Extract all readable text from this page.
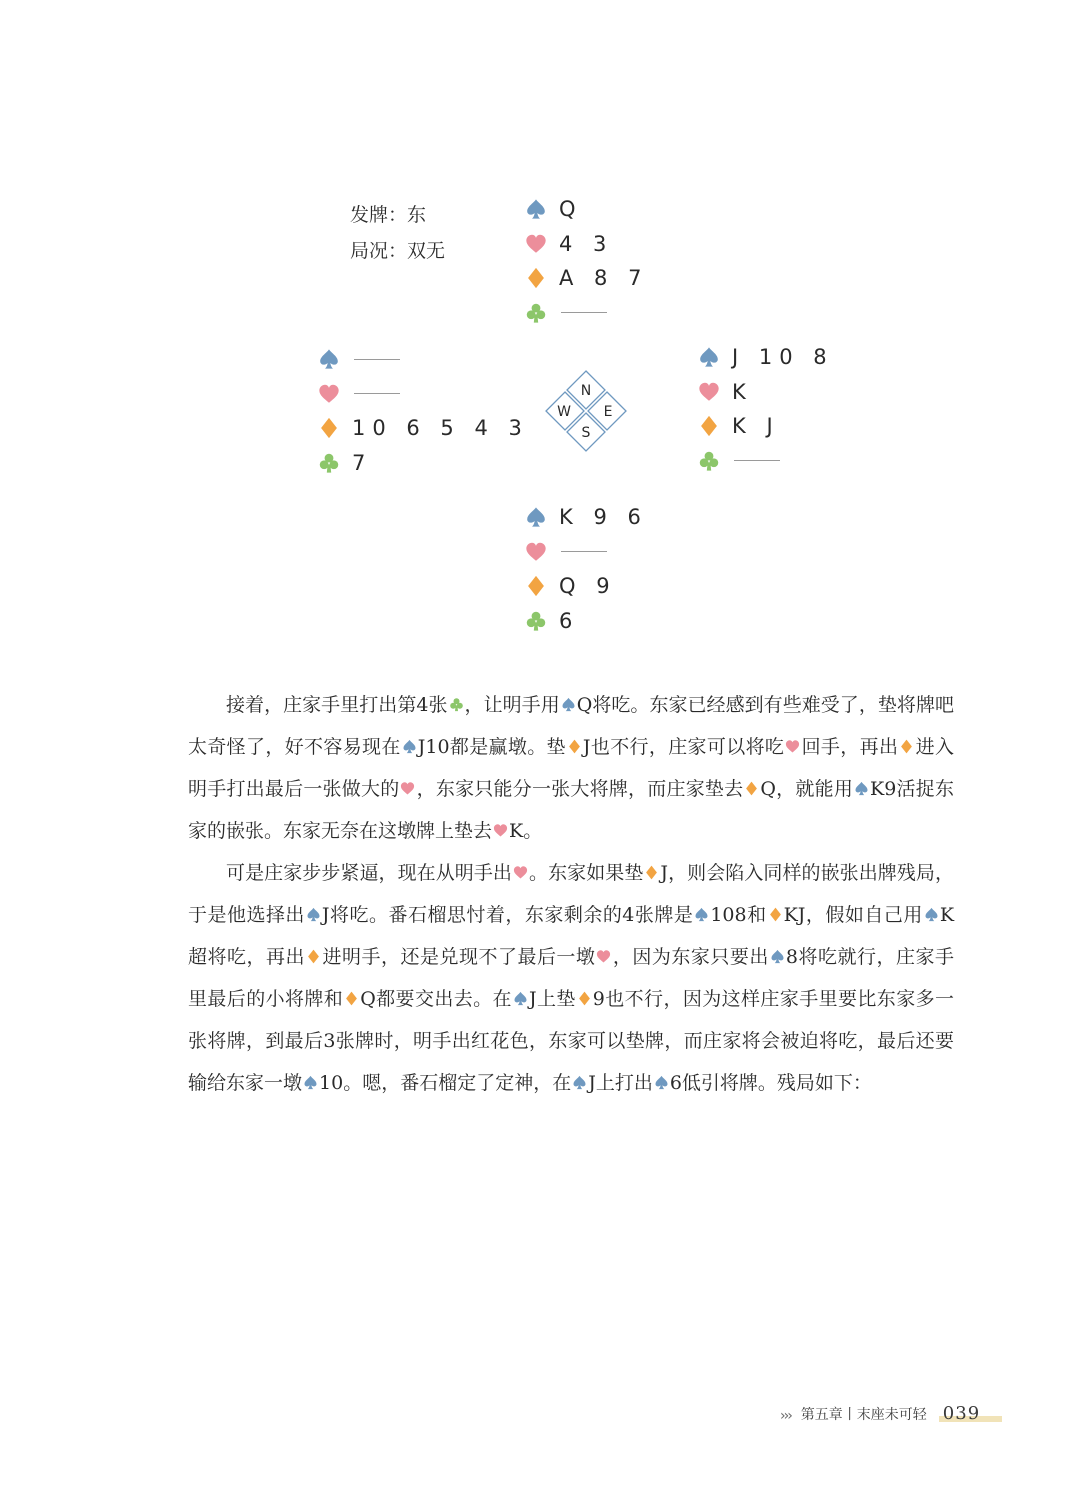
发牌：东
局况：双无
Q
4 3
A 8 7
10 6 5 4 3
7
J 10 8
K
K J
K 9 6
Q 9
6
N
E
S
W

接着，庄家手里打出第4张 ，让明手用 Q将吃。东家已经感到有些难受了，垫将牌吧太奇怪了，好不容易现在 J10都是赢墩。垫 J也不行，庄家可以将吃 回手，再出 进入明手打出最后一张做大的 ，东家只能分一张大将牌，而庄家垫去 Q，就能用 K9活捉东家的嵌张。东家无奈在这墩牌上垫去 K。

可是庄家步步紧逼，现在从明手出 。东家如果垫 J，则会陷入同样的嵌张出牌残局，于是他选择出 J将吃。番石榴思忖着，东家剩余的4张牌是 108和 KJ，假如自己用 K超将吃，再出 进明手，还是兑现不了最后一墩 ，因为东家只要出 8将吃就行，庄家手里最后的小将牌和 Q都要交出去。在 J上垫 9也不行，因为这样庄家手里要比东家多一张将牌，到最后3张牌时，明手出红花色，东家可以垫牌，而庄家将会被迫将吃，最后还要输给东家一墩 10。嗯，番石榴定了定神，在 J上打出 6低引将牌。残局如下：

››› 第五章丨末座未可轻 039
